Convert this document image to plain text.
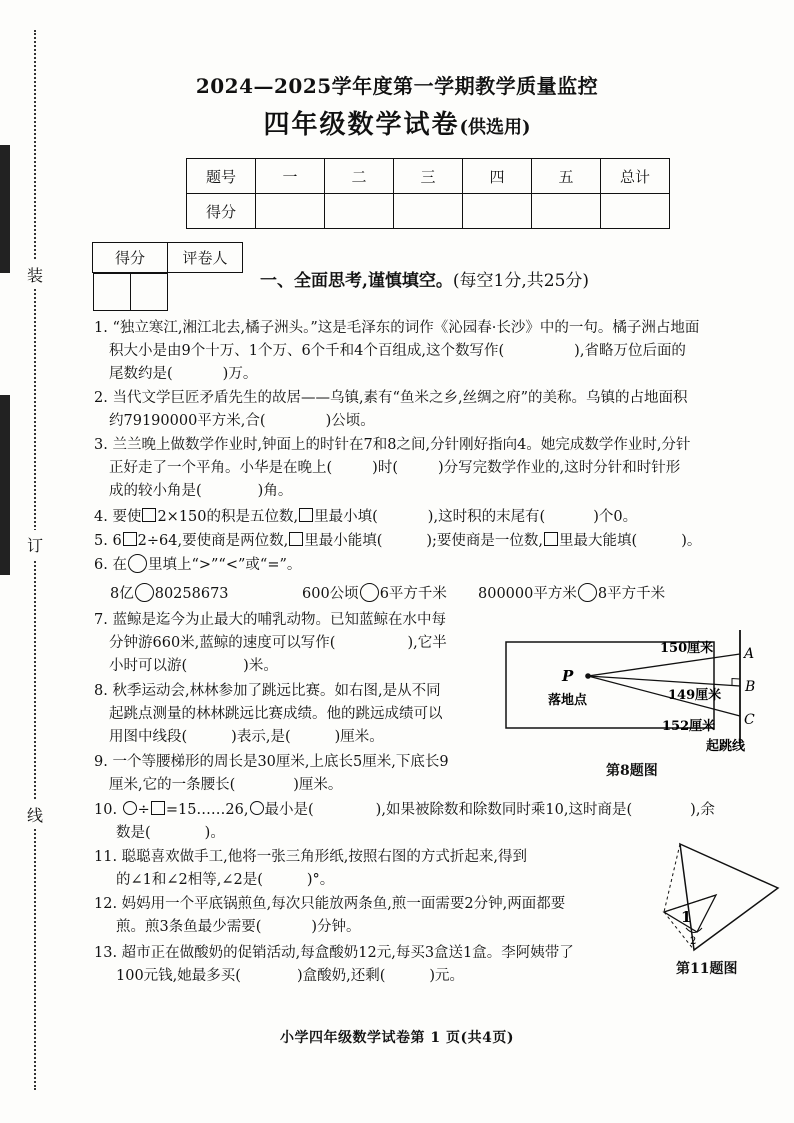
装
订
线
2024—2025学年度第一学期教学质量监控
四年级数学试卷(供选用)
题号	一	二	三	四	五	总计
得分						
得分	评卷人

一、全面思考,谨慎填空。(每空1分,共25分)
1. “独立寒江,湘江北去,橘子洲头。”这是毛泽东的词作《沁园春·长沙》中的一句。橘子洲占地面
积大小是由9个十万、1个万、6个千和4个百组成,这个数写作(	),省略万位后面的
尾数约是(	)万。
2. 当代文学巨匠矛盾先生的故居——乌镇,素有“鱼米之乡,丝绸之府”的美称。乌镇的占地面积
约79190000平方米,合(	)公顷。
3. 兰兰晚上做数学作业时,钟面上的时针在7和8之间,分针刚好指向4。她完成数学作业时,分针
正好走了一个平角。小华是在晚上(	)时(	)分写完数学作业的,这时分针和时针形
成的较小角是(	)角。
4. 要使 2×150的积是五位数, 里最小填(	),这时积的末尾有(	)个0。
5. 6 2÷64,要使商是两位数, 里最小能填(	);要使商是一位数, 里最大能填(	)。
6. 在 里填上“>”“<”或“=”。
8亿 80258673	600公顷 6平方千米 800000平方米 8平方千米
7. 蓝鲸是迄今为止最大的哺乳动物。已知蓝鲸在水中每
分钟游660米,蓝鲸的速度可以写作(	),它半
小时可以游(	)米。
8. 秋季运动会,林林参加了跳远比赛。如右图,是从不同
起跳点测量的林林跳远比赛成绩。他的跳远成绩可以
用图中线段(	)表示,是(	)厘米。
P
落地点
A
B
C
150厘米
149厘米
152厘米
起跳线
第8题图
9. 一个等腰梯形的周长是30厘米,上底长5厘米,下底长9
厘米,它的一条腰长(	)厘米。
10. ÷ =15……26, 最小是(	),如果被除数和除数同时乘10,这时商是(	),余
数是(	)。
11. 聪聪喜欢做手工,他将一张三角形纸,按照右图的方式折起来,得到
的∠1和∠2相等,∠2是(	)°。
12. 妈妈用一个平底锅煎鱼,每次只能放两条鱼,煎一面需要2分钟,两面都要
煎。煎3条鱼最少需要(	)分钟。
13. 超市正在做酸奶的促销活动,每盒酸奶12元,每买3盒送1盒。李阿姨带了
100元钱,她最多买(	)盒酸奶,还剩(	)元。
1
2
第11题图
小学四年级数学试卷第 1 页(共4页)
